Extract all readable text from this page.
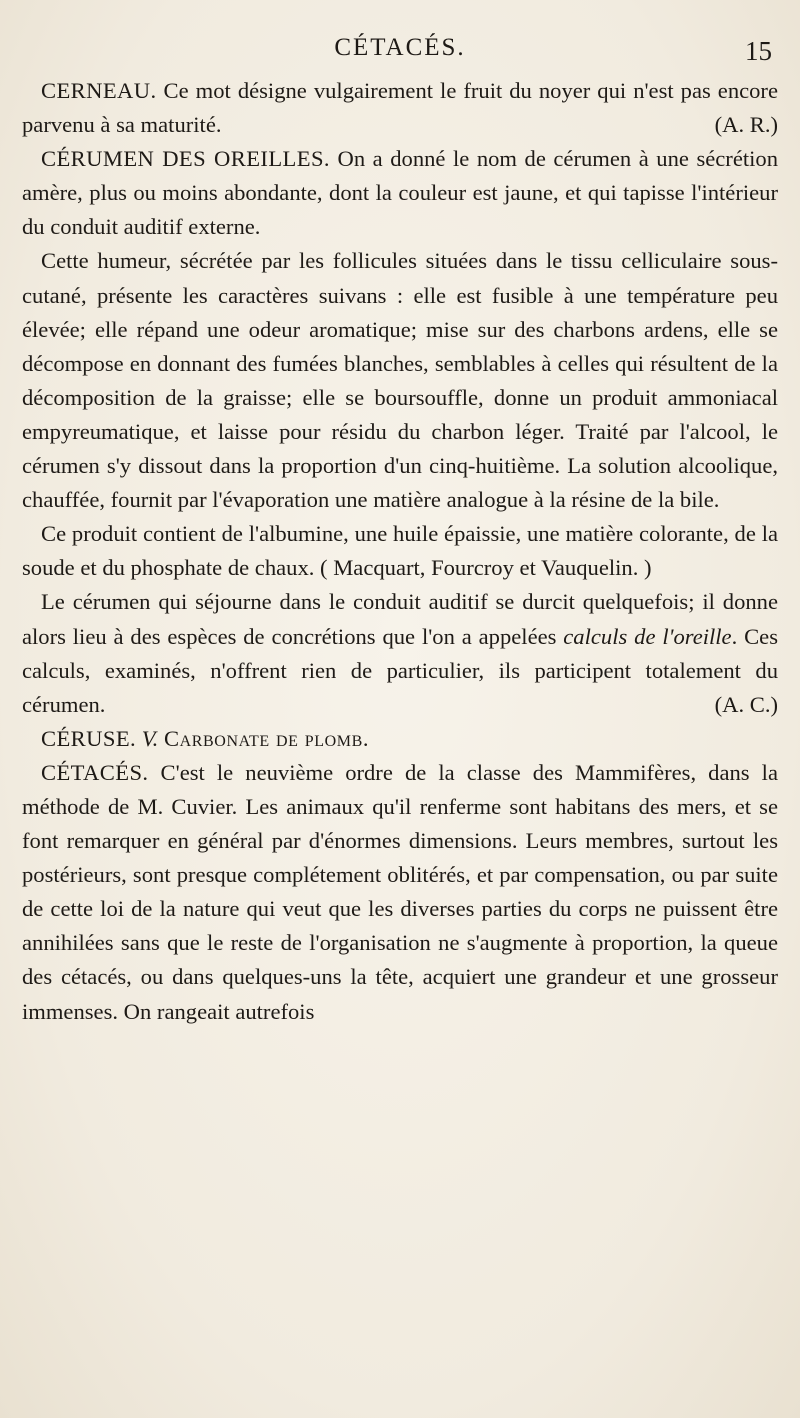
CÉTACÉS.	15

CERNEAU. Ce mot désigne vulgairement le fruit du noyer qui n'est pas encore parvenu à sa maturité.	(A. R.)

CÉRUMEN DES OREILLES. On a donné le nom de cérumen à une sécrétion amère, plus ou moins abondante, dont la couleur est jaune, et qui tapisse l'intérieur du conduit auditif externe.

Cette humeur, sécrétée par les follicules situées dans le tissu celliculaire sous-cutané, présente les caractères suivans : elle est fusible à une température peu élevée; elle répand une odeur aromatique; mise sur des charbons ardens, elle se décompose en donnant des fumées blanches, semblables à celles qui résultent de la décomposition de la graisse; elle se boursouffle, donne un produit ammoniacal empyreumatique, et laisse pour résidu du charbon léger. Traité par l'alcool, le cérumen s'y dissout dans la proportion d'un cinq-huitième. La solution alcoolique, chauffée, fournit par l'évaporation une matière analogue à la résine de la bile.

Ce produit contient de l'albumine, une huile épaissie, une matière colorante, de la soude et du phosphate de chaux. ( Macquart, Fourcroy et Vauquelin. )

Le cérumen qui séjourne dans le conduit auditif se durcit quelquefois; il donne alors lieu à des espèces de concrétions que l'on a appelées calculs de l'oreille. Ces calculs, examinés, n'offrent rien de particulier, ils participent totalement du cérumen.	(A. C.)

CÉRUSE. V. Carbonate de plomb.

CÉTACÉS. C'est le neuvième ordre de la classe des Mammifères, dans la méthode de M. Cuvier. Les animaux qu'il renferme sont habitans des mers, et se font remarquer en général par d'énormes dimensions. Leurs membres, surtout les postérieurs, sont presque complétement oblitérés, et par compensation, ou par suite de cette loi de la nature qui veut que les diverses parties du corps ne puissent être annihilées sans que le reste de l'organisation ne s'augmente à proportion, la queue des cétacés, ou dans quelques-uns la tête, acquiert une grandeur et une grosseur immenses. On rangeait autrefois
